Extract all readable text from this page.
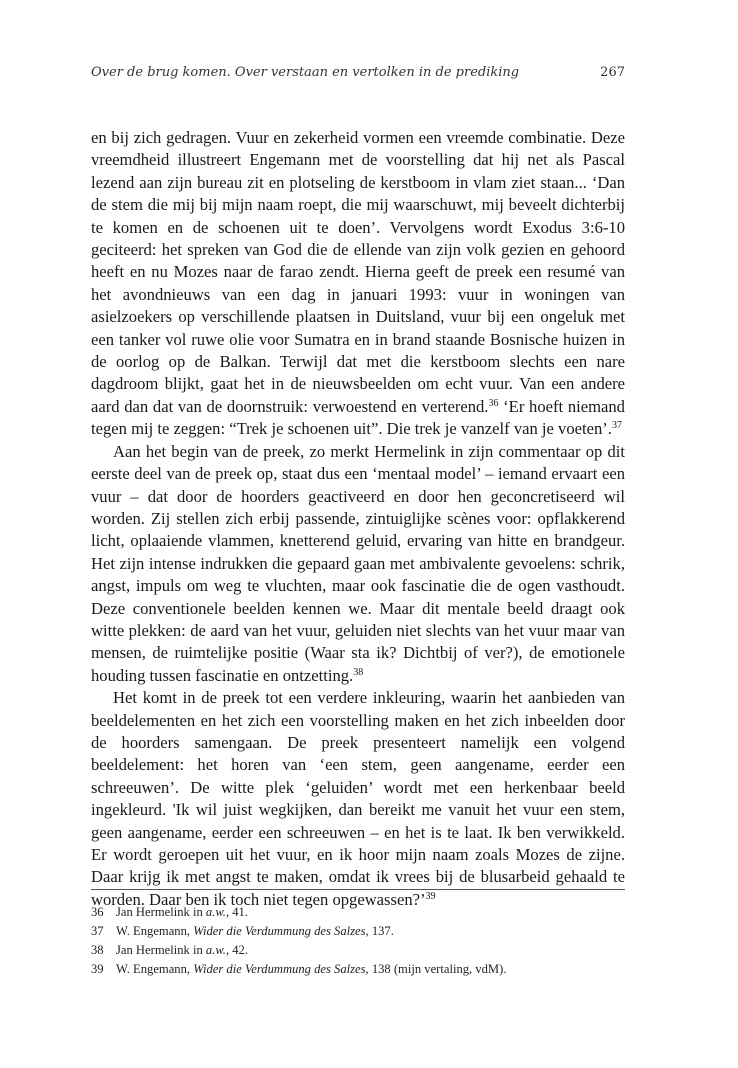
Over de brug komen. Over verstaan en vertolken in de prediking	267

en bij zich gedragen. Vuur en zekerheid vormen een vreemde combinatie. Deze vreemdheid illustreert Engemann met de voorstelling dat hij net als Pascal lezend aan zijn bureau zit en plotseling de kerstboom in vlam ziet staan... ‘Dan de stem die mij bij mijn naam roept, die mij waarschuwt, mij beveelt dichterbij te komen en de schoenen uit te doen’. Vervolgens wordt Exodus 3:6-10 geciteerd: het spreken van God die de ellende van zijn volk gezien en gehoord heeft en nu Mozes naar de farao zendt. Hierna geeft de preek een resumé van het avondnieuws van een dag in januari 1993: vuur in woningen van asielzoekers op verschillende plaatsen in Duitsland, vuur bij een ongeluk met een tanker vol ruwe olie voor Sumatra en in brand staande Bosnische huizen in de oorlog op de Balkan. Terwijl dat met die kerstboom slechts een nare dagdroom blijkt, gaat het in de nieuwsbeelden om echt vuur. Van een andere aard dan dat van de doornstruik: verwoestend en verterend.$^{36}$ ‘Er hoeft niemand tegen mij te zeggen: “Trek je schoenen uit”. Die trek je vanzelf van je voeten’.$^{37}$

Aan het begin van de preek, zo merkt Hermelink in zijn commentaar op dit eerste deel van de preek op, staat dus een ‘mentaal model’ – iemand ervaart een vuur – dat door de hoorders geactiveerd en door hen geconcretiseerd wil worden. Zij stellen zich erbij passende, zintuiglijke scènes voor: opflakkerend licht, oplaaiende vlammen, knetterend geluid, ervaring van hitte en brandgeur. Het zijn intense indrukken die gepaard gaan met ambivalente gevoelens: schrik, angst, impuls om weg te vluchten, maar ook fascinatie die de ogen vasthoudt. Deze conventionele beelden kennen we. Maar dit mentale beeld draagt ook witte plekken: de aard van het vuur, geluiden niet slechts van het vuur maar van mensen, de ruimtelijke positie (Waar sta ik? Dichtbij of ver?), de emotionele houding tussen fascinatie en ontzetting.$^{38}$

Het komt in de preek tot een verdere inkleuring, waarin het aanbieden van beeldelementen en het zich een voorstelling maken en het zich inbeelden door de hoorders samengaan. De preek presenteert namelijk een volgend beeldelement: het horen van ‘een stem, geen aangename, eerder een schreeuwen’. De witte plek ‘geluiden’ wordt met een herkenbaar beeld ingekleurd. 'Ik wil juist wegkijken, dan bereikt me vanuit het vuur een stem, geen aangename, eerder een schreeuwen – en het is te laat. Ik ben verwikkeld. Er wordt geroepen uit het vuur, en ik hoor mijn naam zoals Mozes de zijne. Daar krijg ik met angst te maken, omdat ik vrees bij de blusarbeid gehaald te worden. Daar ben ik toch niet tegen opgewassen?’$^{39}$

36 Jan Hermelink in a.w., 41.
37 W. Engemann, Wider die Verdummung des Salzes, 137.
38 Jan Hermelink in a.w., 42.
39 W. Engemann, Wider die Verdummung des Salzes, 138 (mijn vertaling, vdM).
